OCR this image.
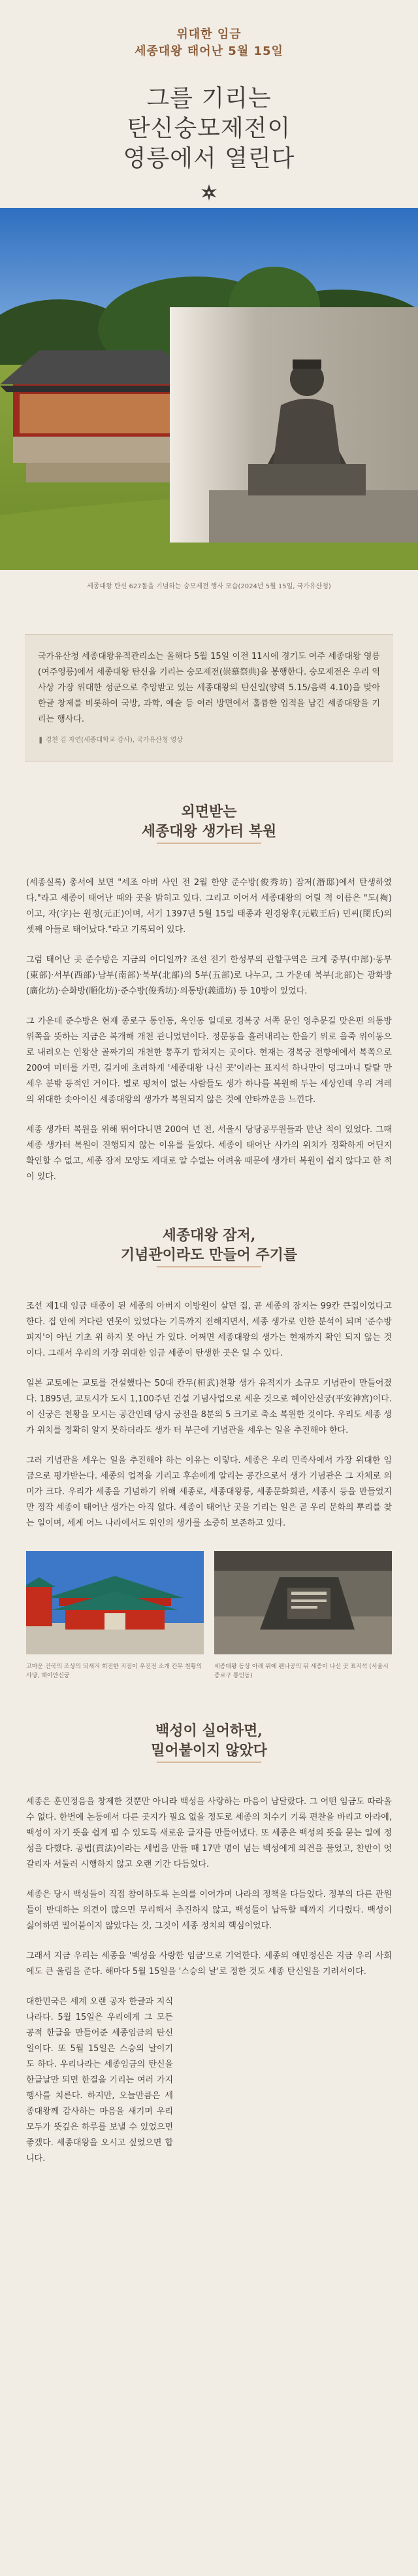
위대한 임금
세종대왕 태어난 5월 15일
그를 기리는
탄신숭모제전이
영릉에서 열린다
세종대왕 탄신 627돌을 기념하는 숭모제전 행사 모습(2024년 5월 15일, 국가유산청)

국가유산청 세종대왕유적관리소는 올해다 5월 15일 이전 11시에 경기도 여주 세종대왕 영릉(여주영릉)에서 세종대왕 탄신을 기리는 숭모제전(崇慕祭典)을 봉행한다. 숭모제전은 우리 역사상 가장 위대한 성군으로 추앙받고 있는 세종대왕의 탄신일(양력 5.15/음력 4.10)을 맞아 한글 창제를 비롯하여 국방, 과학, 예술 등 여러 방면에서 훌륭한 업적을 남긴 세종대왕을 기리는 행사다.

❚ 경천 김 자연(세종대학교 강사), 국가유산청 영상
외면받는
세종대왕 생가터 복원

(세종실록) 총서에 보면 "세조 아버 사인 전 2월 한양 준수방(俊秀坊) 잠저(潛邸)에서 탄생하였다."라고 세종이 태어난 때와 곳을 밝히고 있다. 그리고 이어서 세종대왕의 어릴 적 이름은 "도(裪)이고, 자(字)는 원정(元正)이며, 서기 1397년 5월 15일 태종과 원경왕후(元敬王后) 민씨(閔氏)의 셋째 아들로 태어났다."라고 기록되어 있다.

그럼 태어난 곳 준수방은 지금의 어디일까? 조선 전기 한성부의 관할구역은 크게 중부(中部)·동부(東部)·서부(西部)·남부(南部)·북부(北部)의 5부(五部)로 나누고, 그 가운데 북부(北部)는 광화방(廣化坊)·순화방(順化坊)·준수방(俊秀坊)·의통방(義通坊) 등 10방이 있었다.

그 가운데 준수방은 현재 종로구 통인동, 옥인동 일대로 경복궁 서쪽 문인 영추문길 맞은편 의통방 위쪽을 뜻하는 지금은 복개해 개천 관니었던이다. 정문동을 흘러내리는 한을기 위로 을죽 위이동으로 내려오는 인왕산 골짜기의 개천한 통후기 합쳐지는 곳이다. 현재는 경복궁 전향에에서 복쪽으로 200여 미터를 가면, 길거에 초려하게 '세종대왕 나신 곳'이라는 표지석 하나만이 덩그마니 탈탈 만 세우 분밖 등적인 거이다. 별로 평처이 없는 사람들도 생가 하나를 복원해 두는 세상인데 우리 겨레의 위대한 솟아이신 세종대왕의 생가가 복원되지 않은 것에 안타까운을 느낀다.

세종 생가터 복원을 위해 뛰어다니면 200여 년 전, 서울시 당당공무원들과 만난 적이 있었다. 그때 세종 생가터 복원이 진행되지 않는 이유를 들었다. 세종이 태어난 사가의 위치가 정확하게 어딘지 확인할 수 없고, 세종 잠저 모양도 제대로 알 수없는 어려움 때문에 생가터 복원이 쉽지 않다고 한 적이 있다.

세종대왕 잠저,
기념관이라도 만들어 주기를

조선 제1대 임금 태종이 된 세종의 아버지 이방원이 살던 집, 곧 세종의 잠저는 99칸 큰집이었다고 한다. 집 안에 커다란 연못이 있었다는 기록까지 전해지면서, 세종 생가로 인한 분석이 되며 '준수방 피지'이 아닌 기초 위 하지 못 아닌 가 있다. 어쩌면 세종대왕의 생가는 현재까지 확인 되지 않는 것이다. 그래서 우리의 가장 위대한 임금 세종이 탄생한 곳은 일 수 있다.

일본 교토에는 교토를 건설했다는 50대 칸무(桓武)천황 생가 유적지가 소규모 기념관이 만들어졌다. 1895년, 교토시가 도시 1,100주년 건설 기념사업으로 세운 것으로 헤이안신궁(平安神宮)이다. 이 신궁은 천황을 모시는 공간인데 당시 궁전을 8분의 5 크기로 축소 복원한 것이다. 우리도 세종 생가 위치를 정확히 알지 못하더라도 생가 터 부근에 기념관을 세우는 일을 추진해야 한다.

그러 기념관을 세우는 일을 추진해야 하는 이유는 이렇다. 세종은 우리 민족사에서 가장 위대한 임금으로 평가받는다. 세종의 업적을 기리고 후손에게 알리는 공간으로서 생가 기념관은 그 자체로 의미가 크다. 우리가 세종을 기념하기 위해 세종로, 세종대왕릉, 세종문화회관, 세종시 등을 만들었지만 정작 세종이 태어난 생가는 아직 없다. 세종이 태어난 곳을 기리는 일은 곧 우리 문화의 뿌리를 찾는 일이며, 세계 어느 나라에서도 위인의 생가를 소중히 보존하고 있다.

고마운 건국의 조상의 되새겨 희전한 지점이 우진전 소개 칸무 천황의 사당, 헤이안신궁
세종대왕 동상 아래 위에 펜나공의 뒤 세종이 나신 곳 표지석 (서울시 종로구 통인동)
백성이 실어하면,
밀어붙이지 않았다

세종은 훈민정음을 창제한 것뿐만 아니라 백성을 사랑하는 마음이 남달랐다. 그 어떤 임금도 따라올 수 없다. 한번에 논둥에서 다른 곳지가 필요 없을 정도로 세종의 치수기 기록 편찬을 바리고 아라에, 백성이 자기 뜻을 쉽게 펼 수 있도록 새로운 글자를 만들어냈다. 또 세종은 백성의 뜻을 묻는 일에 정성을 다했다. 공법(貢法)이라는 세법을 만들 때 17만 명이 넘는 백성에게 의견을 물었고, 찬반이 엇갈리자 서둘러 시행하지 않고 오랜 기간 다듬었다.

세종은 당시 백성들이 직접 참여하도록 논의를 이어가며 나라의 정책을 다듬었다. 정부의 다른 관원들이 반대하는 의견이 많으면 무리해서 추진하지 않고, 백성들이 납득할 때까지 기다렸다. 백성이 싫어하면 밀어붙이지 않았다는 것, 그것이 세종 정치의 핵심이었다.

그래서 지금 우리는 세종을 '백성을 사랑한 임금'으로 기억한다. 세종의 애민정신은 지금 우리 사회에도 큰 울림을 준다. 해마다 5월 15일을 '스승의 날'로 정한 것도 세종 탄신일을 기려서이다.

대한민국은 세계 오랜 공자 한글과 지식 나라다. 5월 15일은 우리에게 그 모든 공적 한글을 만들어준 세종임금의 탄신일이다. 또 5월 15일은 스승의 날이기도 하다. 우리나라는 세종임금의 탄신을 한글날만 되면 한결을 기리는 여러 가지 행사를 치른다. 하지만, 오늘만큼은 세종대왕께 감사하는 마음을 새기며 우리 모두가 뜻깊은 하루를 보낼 수 있었으면 좋겠다. 세종대왕을 오시고 싶었으면 합니다.
